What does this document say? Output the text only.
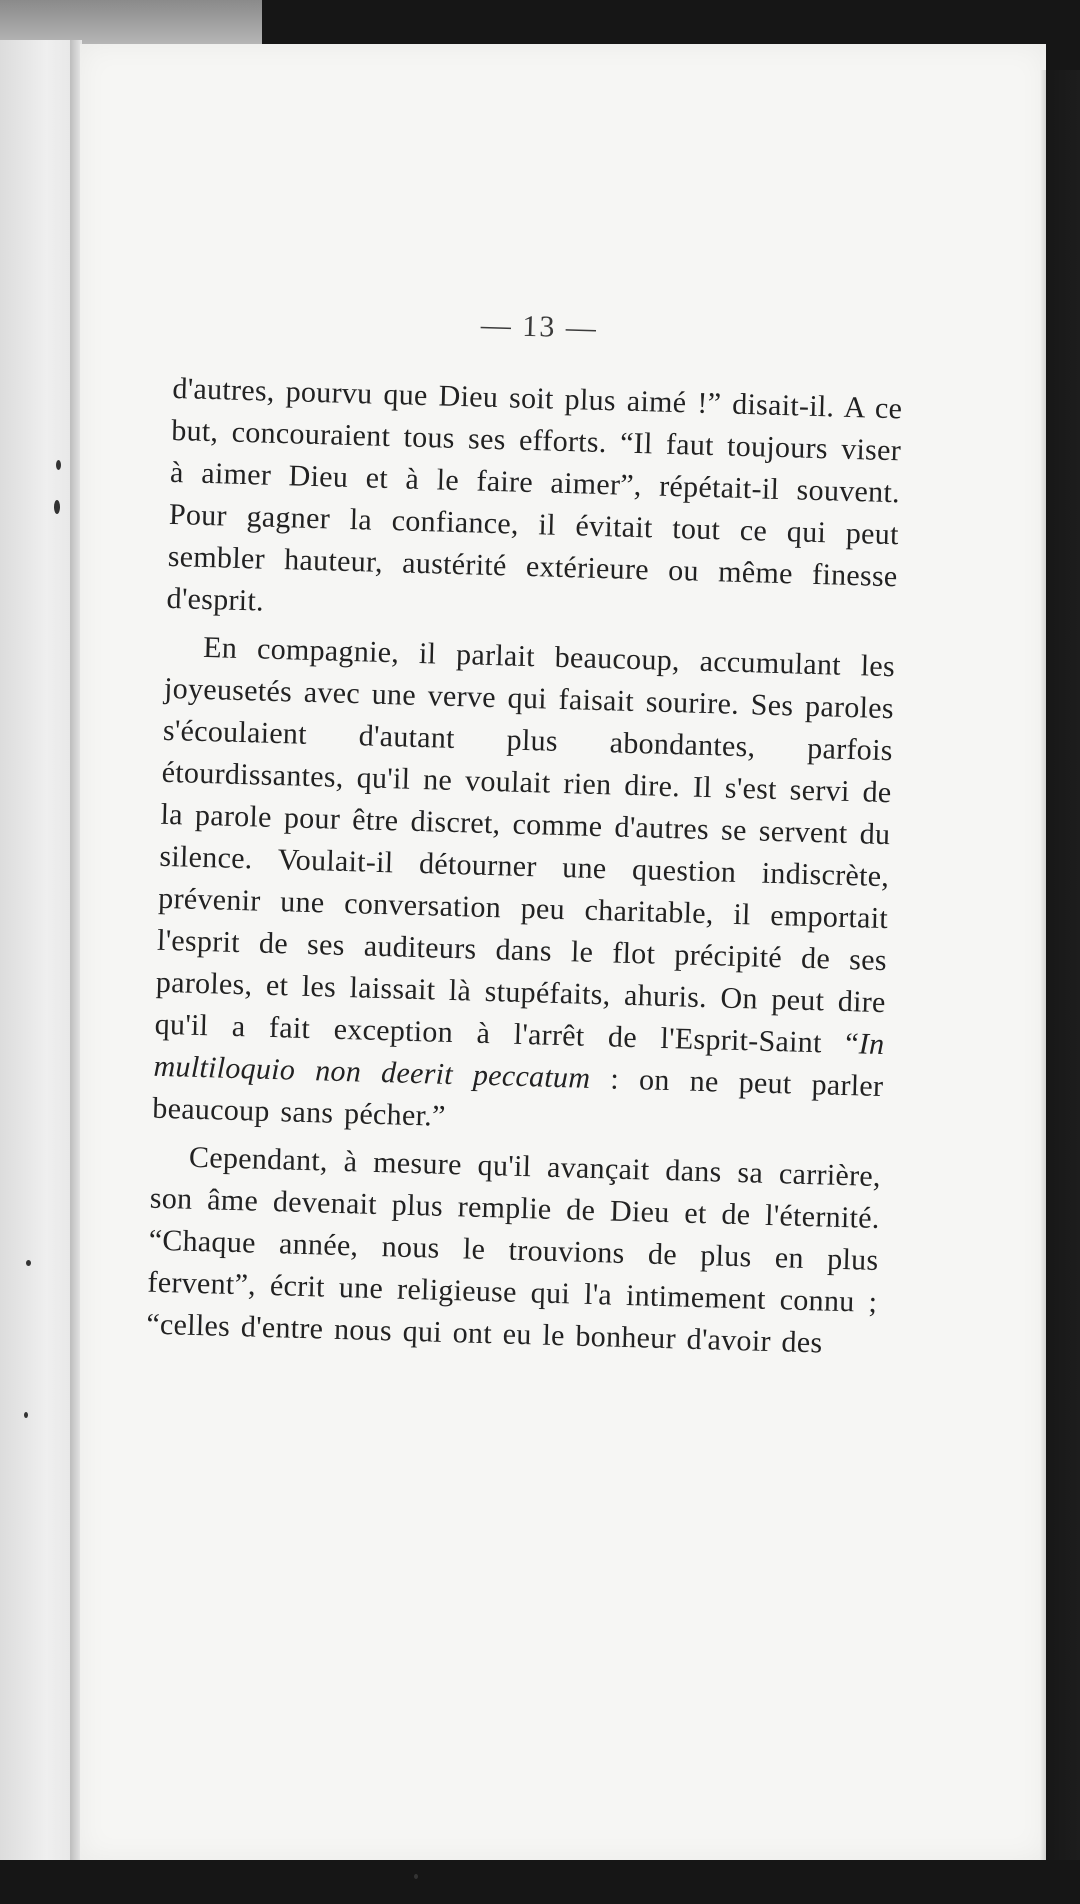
— 13 —

d'autres, pourvu que Dieu soit plus aimé !” disait-il. A ce but, concouraient tous ses efforts. “Il faut toujours viser à aimer Dieu et à le faire aimer”, répétait-il souvent. Pour gagner la confiance, il évitait tout ce qui peut sembler hauteur, austérité extérieure ou même finesse d'esprit.

En compagnie, il parlait beaucoup, accumulant les joyeusetés avec une verve qui faisait sourire. Ses paroles s'écoulaient d'autant plus abondantes, parfois étourdissantes, qu'il ne voulait rien dire. Il s'est servi de la parole pour être discret, comme d'autres se servent du silence. Voulait-il détourner une question indiscrète, prévenir une conversation peu charitable, il emportait l'esprit de ses auditeurs dans le flot précipité de ses paroles, et les laissait là stupéfaits, ahuris. On peut dire qu'il a fait exception à l'arrêt de l'Esprit-Saint “In multiloquio non deerit peccatum : on ne peut parler beaucoup sans pécher.”

Cependant, à mesure qu'il avançait dans sa carrière, son âme devenait plus remplie de Dieu et de l'éternité. “Chaque année, nous le trouvions de plus en plus fervent”, écrit une religieuse qui l'a intimement connu ; “celles d'entre nous qui ont eu le bonheur d'avoir des
